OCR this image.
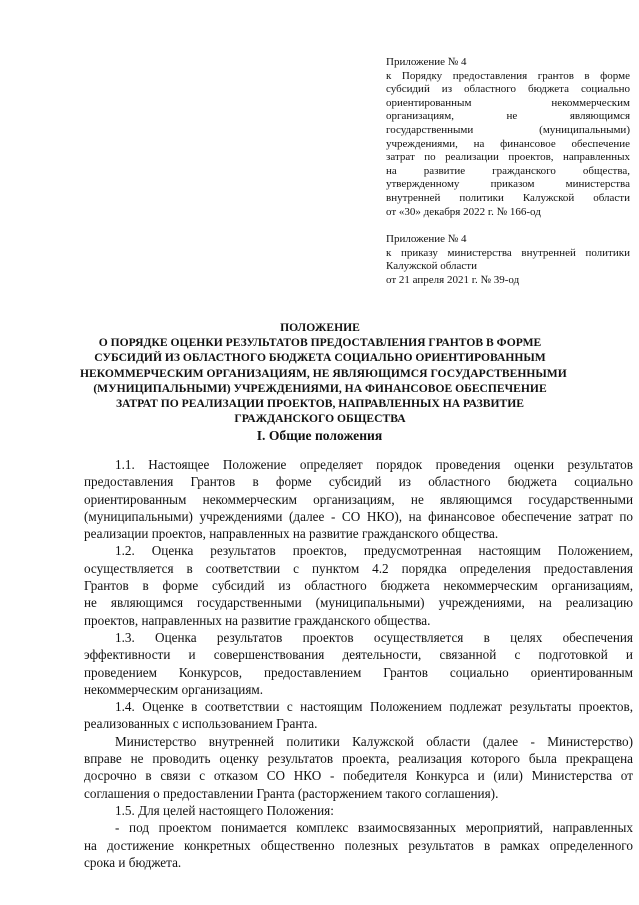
Приложение № 4
к Порядку предоставления грантов в форме
субсидий из областного бюджета социально
ориентированным некоммерческим
организациям, не являющимся
государственными (муниципальными)
учреждениями, на финансовое обеспечение
затрат по реализации проектов, направленных
на развитие гражданского общества,
утвержденному приказом министерства
внутренней политики Калужской области
от «30» декабря 2022 г. № 166-од
Приложение № 4
к приказу министерства внутренней политики
Калужской области
от 21 апреля 2021 г. № 39-од
ПОЛОЖЕНИЕ
О ПОРЯДКЕ ОЦЕНКИ РЕЗУЛЬТАТОВ ПРЕДОСТАВЛЕНИЯ ГРАНТОВ В ФОРМЕ
СУБСИДИЙ ИЗ ОБЛАСТНОГО БЮДЖЕТА СОЦИАЛЬНО ОРИЕНТИРОВАННЫМ
НЕКОММЕРЧЕСКИМ ОРГАНИЗАЦИЯМ, НЕ ЯВЛЯЮЩИМСЯ ГОСУДАРСТВЕННЫМИ
(МУНИЦИПАЛЬНЫМИ) УЧРЕЖДЕНИЯМИ, НА ФИНАНСОВОЕ ОБЕСПЕЧЕНИЕ
ЗАТРАТ ПО РЕАЛИЗАЦИИ ПРОЕКТОВ, НАПРАВЛЕННЫХ НА РАЗВИТИЕ
ГРАЖДАНСКОГО ОБЩЕСТВА
I. Общие положения
1.1. Настоящее Положение определяет порядок проведения оценки результатов
предоставления Грантов в форме субсидий из областного бюджета социально
ориентированным некоммерческим организациям, не являющимся государственными
(муниципальными) учреждениями (далее - СО НКО), на финансовое обеспечение затрат по
реализации проектов, направленных на развитие гражданского общества.
1.2. Оценка результатов проектов, предусмотренная настоящим Положением,
осуществляется в соответствии с пунктом 4.2 порядка определения предоставления
Грантов в форме субсидий из областного бюджета некоммерческим организациям,
не являющимся государственными (муниципальными) учреждениями, на реализацию
проектов, направленных на развитие гражданского общества.
1.3. Оценка результатов проектов осуществляется в целях обеспечения
эффективности и совершенствования деятельности, связанной с подготовкой и
проведением Конкурсов, предоставлением Грантов социально ориентированным
некоммерческим организациям.
1.4. Оценке в соответствии с настоящим Положением подлежат результаты проектов,
реализованных с использованием Гранта.
Министерство внутренней политики Калужской области (далее - Министерство)
вправе не проводить оценку результатов проекта, реализация которого была прекращена
досрочно в связи с отказом СО НКО - победителя Конкурса и (или) Министерства от
соглашения о предоставлении Гранта (расторжением такого соглашения).
1.5. Для целей настоящего Положения:
- под проектом понимается комплекс взаимосвязанных мероприятий, направленных
на достижение конкретных общественно полезных результатов в рамках определенного
срока и бюджета.
